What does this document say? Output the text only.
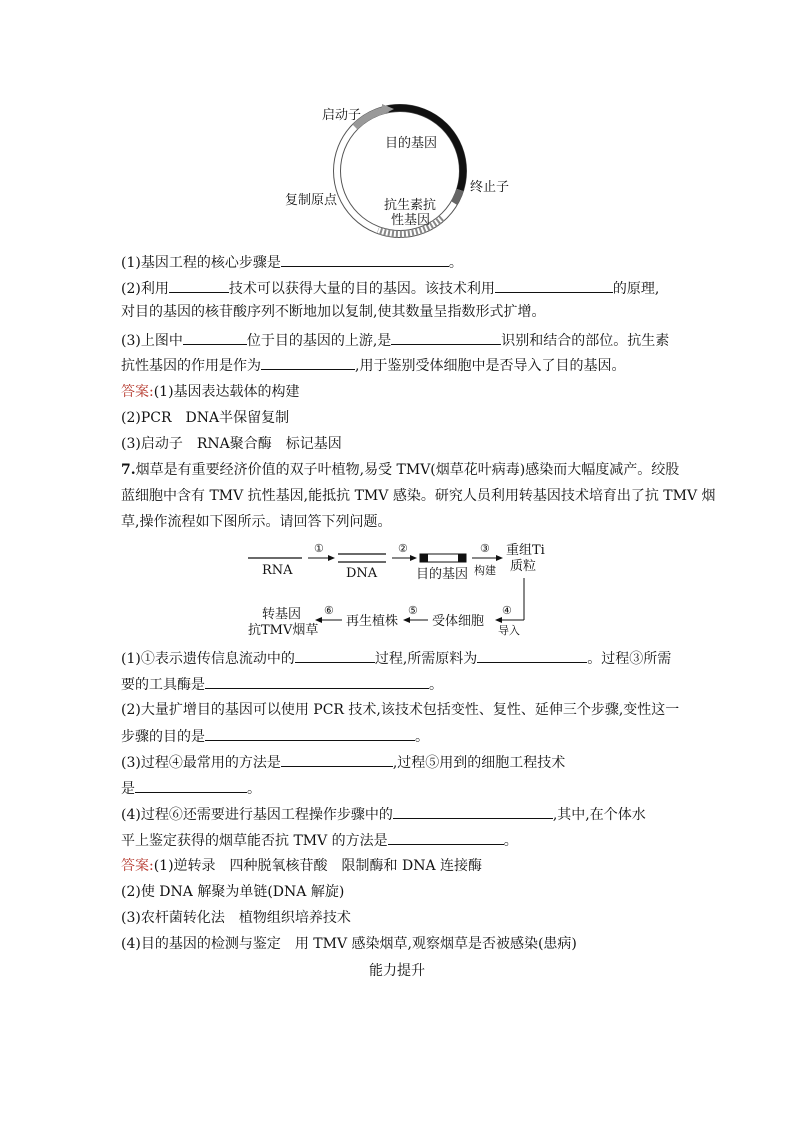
启动子
目的基因
终止子
复制原点	抗生素抗
性基因
(1)基因工程的核心步骤是	。
(2)利用	技术可以获得大量的目的基因。该技术利用	的原理,
对目的基因的核苷酸序列不断地加以复制,使其数量呈指数形式扩增。
(3)上图中	位于目的基因的上游,是	识别和结合的部位。抗生素
抗性基因的作用是作为	,用于鉴别受体细胞中是否导入了目的基因。
答案:(1)基因表达载体的构建
(2)PCR　DNA半保留复制
(3)启动子　RNA聚合酶　标记基因
7.烟草是有重要经济价值的双子叶植物,易受 TMV(烟草花叶病毒)感染而大幅度减产。绞股
蓝细胞中含有 TMV 抗性基因,能抵抗 TMV 感染。研究人员利用转基因技术培育出了抗 TMV 烟
草,操作流程如下图所示。请回答下列问题。
RNA
①
DNA
②
目的基因
③
构建
重组Ti
质粒
④
导入
受体细胞
⑤
再生植株
⑥
转基因
抗TMV烟草
(1)①表示遗传信息流动中的	过程,所需原料为	。过程③所需
要的工具酶是	。
(2)大量扩增目的基因可以使用 PCR 技术,该技术包括变性、复性、延伸三个步骤,变性这一
步骤的目的是	。
(3)过程④最常用的方法是	,过程⑤用到的细胞工程技术
是	。
(4)过程⑥还需要进行基因工程操作步骤中的	,其中,在个体水
平上鉴定获得的烟草能否抗 TMV 的方法是	。
答案:(1)逆转录　四种脱氧核苷酸　限制酶和 DNA 连接酶
(2)使 DNA 解聚为单链(DNA 解旋)
(3)农杆菌转化法　植物组织培养技术
(4)目的基因的检测与鉴定　用 TMV 感染烟草,观察烟草是否被感染(患病)
能力提升
